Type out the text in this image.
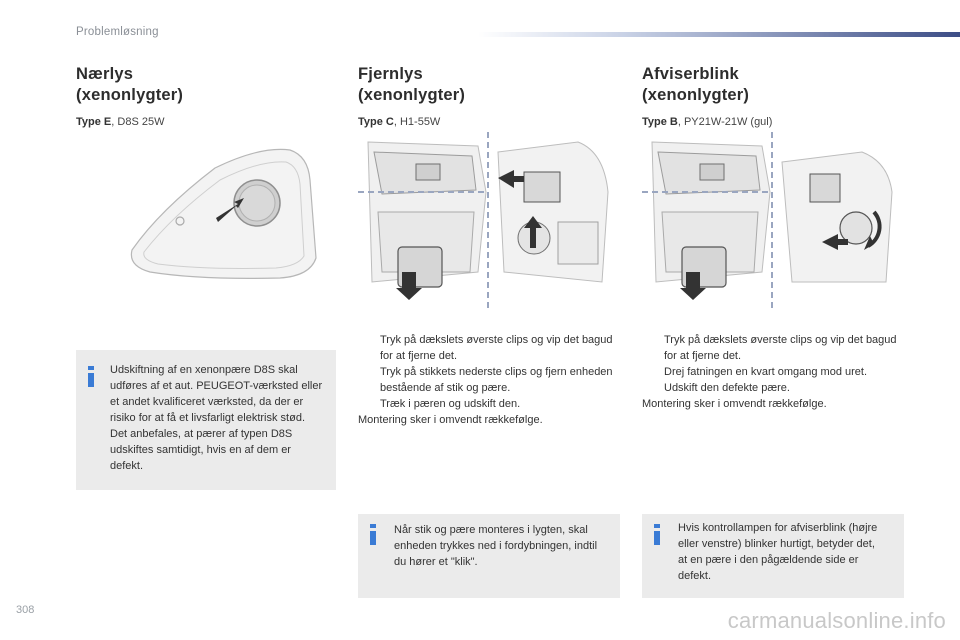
Problemløsning
Nærlys
(xenonlygter)
Type E, D8S 25W
Fjernlys
(xenonlygter)
Type C, H1-55W
Afviserblink
(xenonlygter)
Type B, PY21W-21W (gul)
Tryk på dækslets øverste clips og vip det bagud for at fjerne det.
Tryk på stikkets nederste clips og fjern enheden bestående af stik og pære.
Træk i pæren og udskift den.

Montering sker i omvendt rækkefølge.

Tryk på dækslets øverste clips og vip det bagud for at fjerne det.
Drej fatningen en kvart omgang mod uret.
Udskift den defekte pære.

Montering sker i omvendt rækkefølge.

Udskiftning af en xenonpære D8S skal udføres af et aut. PEUGEOT-værksted eller et andet kvalificeret værksted, da der er risiko for at få et livsfarligt elektrisk stød. Det anbefales, at pærer af typen D8S udskiftes samtidigt, hvis en af dem er defekt.
Når stik og pære monteres i lygten, skal enheden trykkes ned i fordybningen, indtil du hører et "klik".
Hvis kontrollampen for afviserblink (højre eller venstre) blinker hurtigt, betyder det, at en pære i den pågældende side er defekt.
308	carmanualsonline.info
